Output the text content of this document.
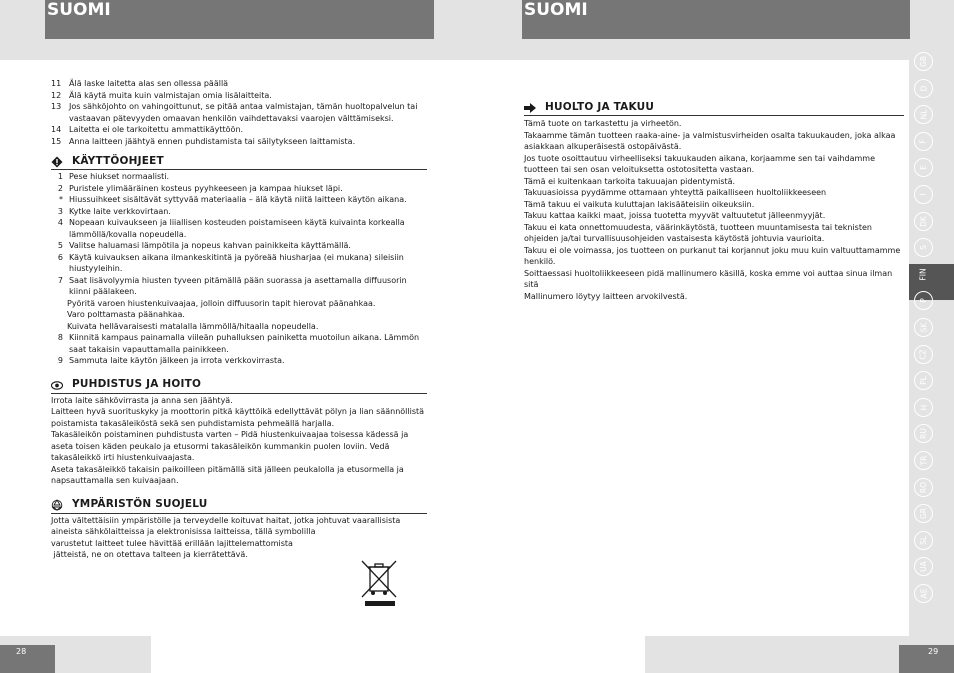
SUOMI	SUOMI
11 Älä laske laitetta alas sen ollessa päällä
12 Älä käytä muita kuin valmistajan omia lisälaitteita.
13 Jos sähköjohto on vahingoittunut, se pitää antaa valmistajan, tämän huoltopalvelun tai vastaavan pätevyyden omaavan henkilön vaihdettavaksi vaarojen välttämiseksi.
14 Laitetta ei ole tarkoitettu ammattikäyttöön.
15 Anna laitteen jäähtyä ennen puhdistamista tai säilytykseen laittamista.
KÄYTTÖOHJEET
1 Pese hiukset normaalisti.
2 Puristele ylimääräinen kosteus pyyhkeeseen ja kampaa hiukset läpi.
* Hiussuihkeet sisältävät syttyvää materiaalia – älä käytä niitä laitteen käytön aikana.
3 Kytke laite verkkovirtaan.
4 Nopeaan kuivaukseen ja liiallisen kosteuden poistamiseen käytä kuivainta korkealla lämmöllä/kovalla nopeudella.
5 Valitse haluamasi lämpötila ja nopeus kahvan painikkeita käyttämällä.
6 Käytä kuivauksen aikana ilmankeskitintä ja pyöreää hiusharjaa (ei mukana) sileisiin hiustyyleihin.
7 Saat lisävolyymia hiusten tyveen pitämällä pään suorassa ja asettamalla diffuusorin kiinni päälakeen.
Pyöritä varoen hiustenkuivaajaa, jolloin diffuusorin tapit hierovat päänahkaa.
Varo polttamasta päänahkaa.
Kuivata hellävaraisesti matalalla lämmöllä/hitaalla nopeudella.
8 Kiinnitä kampaus painamalla viileän puhalluksen painiketta muotoilun aikana. Lämmön saat takaisin vapauttamalla painikkeen.
9 Sammuta laite käytön jälkeen ja irrota verkkovirrasta.
PUHDISTUS JA HOITO
Irrota laite sähkövirrasta ja anna sen jäähtyä.
Laitteen hyvä suorituskyky ja moottorin pitkä käyttöikä edellyttävät pölyn ja lian säännöllistä poistamista takasäleiköstä sekä sen puhdistamista pehmeällä harjalla.
Takasäleikön poistaminen puhdistusta varten – Pidä hiustenkuivaajaa toisessa kädessä ja aseta toisen käden peukalo ja etusormi takasäleikön kummankin puolen loviin. Vedä takasäleikkö irti hiustenkuivaajasta.
Aseta takasäleikkö takaisin paikoilleen pitämällä sitä jälleen peukalolla ja etusormella ja napsauttamalla sen kuivaajaan.
YMPÄRISTÖN SUOJELU
Jotta vältettäisiin ympäristölle ja terveydelle koituvat haitat, jotka johtuvat vaarallisista aineista sähkölaitteissa ja elektronisissa laitteissa, tällä symbolilla
varustetut laitteet tulee hävittää erillään lajittelemattomista
jätteistä, ne on otettava talteen ja kierrätettävä.
HUOLTO JA TAKUU
Tämä tuote on tarkastettu ja virheetön.
Takaamme tämän tuotteen raaka-aine- ja valmistusvirheiden osalta takuukauden, joka alkaa asiakkaan alkuperäisestä ostopäivästä.
Jos tuote osoittautuu virheelliseksi takuukauden aikana, korjaamme sen tai vaihdamme tuotteen tai sen osan veloituksetta ostotositetta vastaan.
Tämä ei kuitenkaan tarkoita takuuajan pidentymistä.
Takuuasioissa pyydämme ottamaan yhteyttä paikalliseen huoltoliikkeeseen
Tämä takuu ei vaikuta kuluttajan lakisääteisiin oikeuksiin.
Takuu kattaa kaikki maat, joissa tuotetta myyvät valtuutetut jälleenmyyjät.
Takuu ei kata onnettomuudesta, väärinkäytöstä, tuotteen muuntamisesta tai teknisten ohjeiden ja/tai turvallisuusohjeiden vastaisesta käytöstä johtuvia vaurioita.
Takuu ei ole voimassa, jos tuotteen on purkanut tai korjannut joku muu kuin valtuuttamamme henkilö.
Soittaessasi huoltoliikkeeseen pidä mallinumero käsillä, koska emme voi auttaa sinua ilman sitä
Mallinumero löytyy laitteen arvokilvestä.
GB
D
NL
F
E
I
DK
S
FIN
P
SK
CZ
PL
H
RU
TR
RO
GR
SL
UA
AE
28	29
